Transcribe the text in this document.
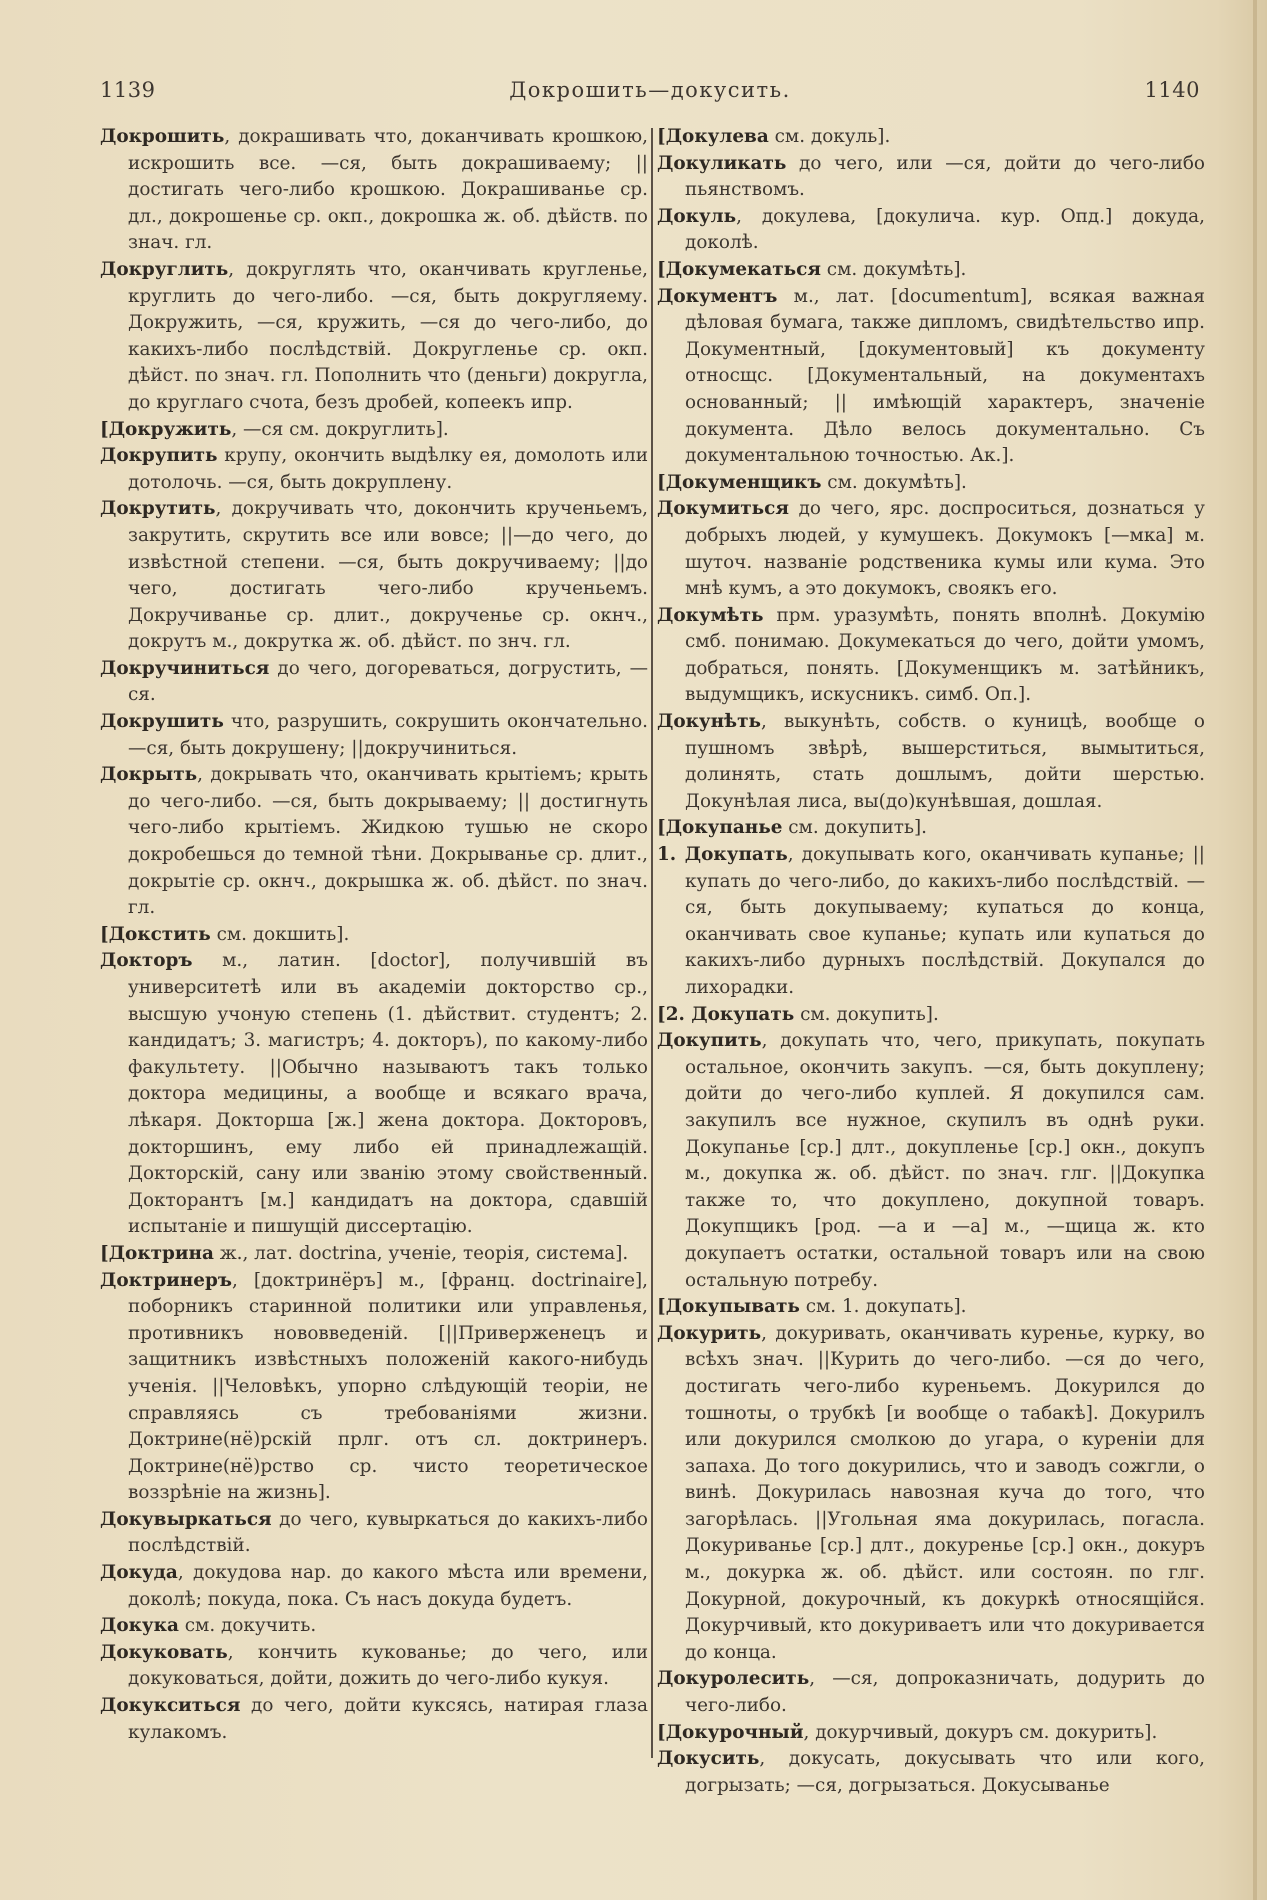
1139	Докрошить—докусить.	1140

Докрошить, докрашивать что, доканчивать крошкою, искрошить все. —ся, быть докрашиваему; ||достигать чего-либо крошкою. Докрашиванье ср. дл., докрошенье ср. окп., докрошка ж. об. дѣйств. по знач. гл.

Докруглить, докруглять что, оканчивать кругленье, круглить до чего-либо. —ся, быть докругляему. Докружить, —ся, кружить, —ся до чего-либо, до какихъ-либо послѣдствій. Докругленье ср. окп. дѣйст. по знач. гл. Пополнить что (деньги) докругла, до круглаго счота, безъ дробей, копеекъ ипр.

[Докружить, —ся см. докруглить].

Докрупить крупу, окончить выдѣлку ея, домолоть или дотолочь. —ся, быть докруплену.

Докрутить, докручивать что, докончить крученьемъ, закрутить, скрутить все или вовсе; ||—до чего, до извѣстной степени. —ся, быть докручиваему; ||до чего, достигать чего-либо крученьемъ. Докручиванье ср. длит., докрученье ср. окнч., докрутъ м., докрутка ж. об. дѣйст. по знч. гл.

Докручиниться до чего, догореваться, догрустить, —ся.

Докрушить что, разрушить, сокрушить окончательно. —ся, быть докрушену; ||докручиниться.

Докрыть, докрывать что, оканчивать крытіемъ; крыть до чего-либо. —ся, быть докрываему; || достигнуть чего-либо крытіемъ. Жидкою тушью не скоро докробешься до темной тѣни. Докрыванье ср. длит., докрытіе ср. окнч., докрышка ж. об. дѣйст. по знач. гл.

[Докстить см. докшить].

Докторъ м., латин. [doctor], получившій въ университетѣ или въ академіи докторство ср., высшую учоную степень (1. дѣйствит. студентъ; 2. кандидатъ; 3. магистръ; 4. докторъ), по какому-либо факультету. ||Обычно называютъ такъ только доктора медицины, а вообще и всякаго врача, лѣкаря. Докторша [ж.] жена доктора. Докторовъ, докторшинъ, ему либо ей принадлежащій. Докторскій, сану или званію этому свойственный. Докторантъ [м.] кандидатъ на доктора, сдавшій испытаніе и пишущій диссертацію.

[Доктрина ж., лат. doctrina, ученіе, теорія, система].

Доктринеръ, [доктринёръ] м., [франц. doctrinaire], поборникъ старинной политики или управленья, противникъ нововведеній. [||Приверженецъ и защитникъ извѣстныхъ положеній какого-нибудь ученія. ||Человѣкъ, упорно слѣдующій теоріи, не справляясь съ требованіями жизни. Доктрине(нё)рскій прлг. отъ сл. доктринеръ. Доктрине(нё)рство ср. чисто теоретическое воззрѣніе на жизнь].

Докувыркаться до чего, кувыркаться до какихъ-либо послѣдствій.

Докуда, докудова нар. до какого мѣста или времени, доколѣ; покуда, пока. Съ насъ докуда будетъ.

Докука см. докучить.

Докуковать, кончить кукованье; до чего, или докуковаться, дойти, дожить до чего-либо кукуя.

Докукситься до чего, дойти куксясь, натирая глаза кулакомъ.

[Докулева см. докуль].

Докуликать до чего, или —ся, дойти до чего-либо пьянствомъ.

Докуль, докулева, [докулича. кур. Опд.] докуда, доколѣ.

[Докумекаться см. докумѣть].

Документъ м., лат. [documentum], всякая важная дѣловая бумага, также дипломъ, свидѣтельство ипр. Документный, [документовый] къ документу относщс. [Документальный, на документахъ основанный; || имѣющій характеръ, значеніе документа. Дѣло велось документально. Съ документальною точностью. Ак.].

[Докуменщикъ см. докумѣть].

Докумиться до чего, ярс. доспроситься, дознаться у добрыхъ людей, у кумушекъ. Докумокъ [—мка] м. шуточ. названіе родственика кумы или кума. Это мнѣ кумъ, а это докумокъ, своякъ его.

Докумѣть прм. уразумѣть, понять вполнѣ. Докумію смб. понимаю. Докумекаться до чего, дойти умомъ, добраться, понять. [Докуменщикъ м. затѣйникъ, выдумщикъ, искусникъ. симб. Оп.].

Докунѣть, выкунѣть, собств. о куницѣ, вообще о пушномъ звѣрѣ, вышерститься, вымытиться, долинять, стать дошлымъ, дойти шерстью. Докунѣлая лиса, вы(до)кунѣвшая, дошлая.

[Докупанье см. докупить].

1. Докупать, докупывать кого, оканчивать купанье; ||купать до чего-либо, до какихъ-либо послѣдствій. —ся, быть докупываему; купаться до конца, оканчивать свое купанье; купать или купаться до какихъ-либо дурныхъ послѣдствій. Докупался до лихорадки.

[2. Докупать см. докупить].

Докупить, докупать что, чего, прикупать, покупать остальное, окончить закупъ. —ся, быть докуплену; дойти до чего-либо куплей. Я докупился сам. закупилъ все нужное, скупилъ въ однѣ руки. Докупанье [ср.] длт., докупленье [ср.] окн., докупъ м., докупка ж. об. дѣйст. по знач. глг. ||Докупка также то, что докуплено, докупной товаръ. Докупщикъ [род. —а и —а] м., —щица ж. кто докупаетъ остатки, остальной товаръ или на свою остальную потребу.

[Докупывать см. 1. докупать].

Докурить, докуривать, оканчивать куренье, курку, во всѣхъ знач. ||Курить до чего-либо. —ся до чего, достигать чего-либо куреньемъ. Докурился до тошноты, о трубкѣ [и вообще о табакѣ]. Докурилъ или докурился смолкою до угара, о куреніи для запаха. До того докурились, что и заводъ сожгли, о винѣ. Докурилась навозная куча до того, что загорѣлась. ||Угольная яма докурилась, погасла. Докуриванье [ср.] длт., докуренье [ср.] окн., докуръ м., докурка ж. об. дѣйст. или состоян. по глг. Докурной, докурочный, къ докуркѣ относящійся. Докурчивый, кто докуриваетъ или что докуривается до конца.

Докуролесить, —ся, допроказничать, додурить до чего-либо.

[Докурочный, докурчивый, докуръ см. докурить].

Докусить, докусать, докусывать что или кого, догрызать; —ся, догрызаться. Докусыванье
